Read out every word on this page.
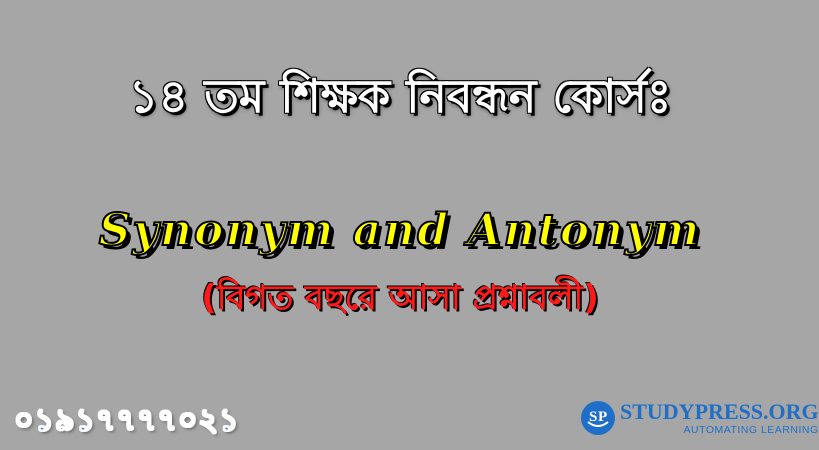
১৪ তম শিক্ষক নিবন্ধন কোর্সঃ
Synonym and Antonym
(বিগত বছরে আসা প্রশ্নাবলী)
০১৯১৭৭৭৭০২১	S P STUDYPRESS.ORG
AUTOMATING LEARNING
